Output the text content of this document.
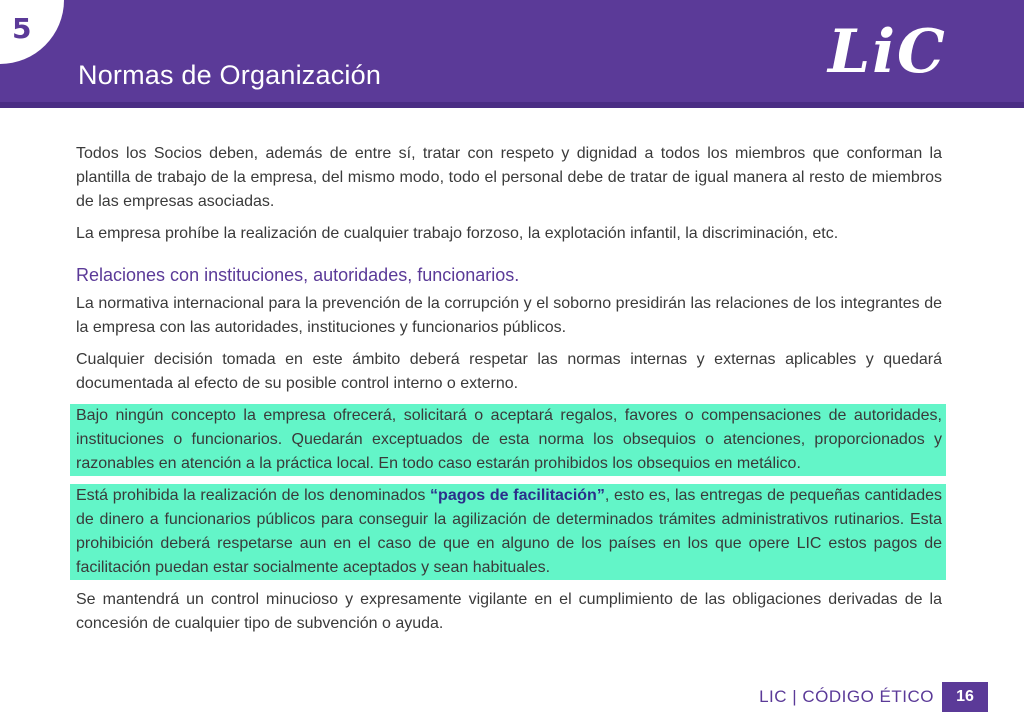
5
Normas de Organización	LiC

Todos los Socios deben, además de entre sí, tratar con respeto y dignidad a todos los miembros que conforman la plantilla de trabajo de la empresa, del mismo modo, todo el personal debe de tratar de igual manera al resto de miembros de las empresas asociadas.

La empresa prohíbe la realización de cualquier trabajo forzoso, la explotación infantil, la discriminación, etc.

Relaciones con instituciones, autoridades, funcionarios.

La normativa internacional para la prevención de la corrupción y el soborno presidirán las relaciones de los integrantes de la empresa con las autoridades, instituciones y funcionarios públicos.

Cualquier decisión tomada en este ámbito deberá respetar las normas internas y externas aplicables y quedará documentada al efecto de su posible control interno o externo.

Bajo ningún concepto la empresa ofrecerá, solicitará o aceptará regalos, favores o compensaciones de autoridades, instituciones o funcionarios. Quedarán exceptuados de esta norma los obsequios o atenciones, proporcionados y razonables en atención a la práctica local. En todo caso estarán prohibidos los obsequios en metálico.

Está prohibida la realización de los denominados “pagos de facilitación”, esto es, las entregas de pequeñas cantidades de dinero a funcionarios públicos para conseguir la agilización de determinados trámites administrativos rutinarios. Esta prohibición deberá respetarse aun en el caso de que en alguno de los países en los que opere LIC estos pagos de facilitación puedan estar socialmente aceptados y sean habituales.

Se mantendrá un control minucioso y expresamente vigilante en el cumplimiento de las obligaciones derivadas de la concesión de cualquier tipo de subvención o ayuda.

LIC | CÓDIGO ÉTICO	16
